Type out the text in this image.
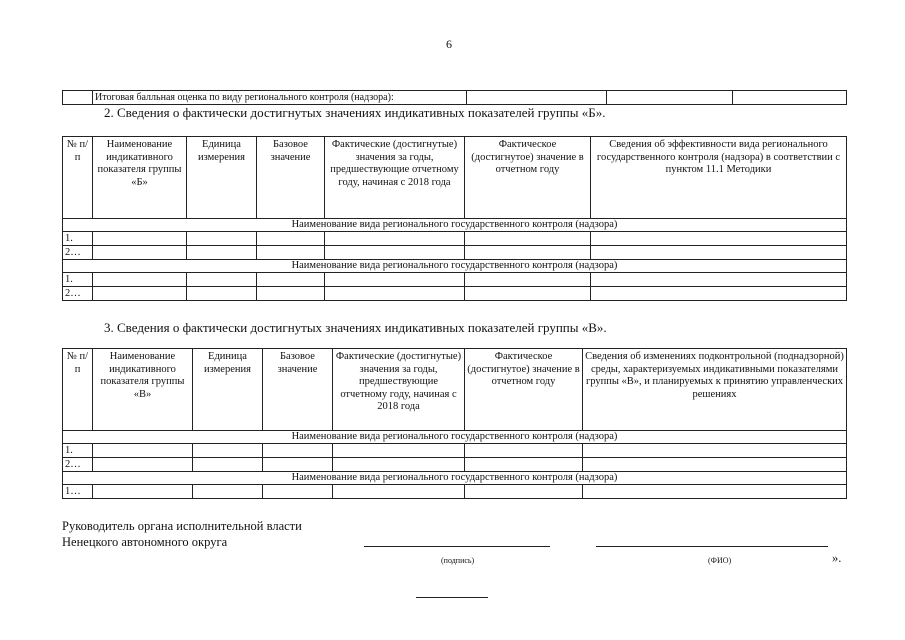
6
	Итоговая балльная оценка по виду регионального контроля (надзора):			
2. Сведения о фактически достигнутых значениях индикативных показателей группы «Б».
№ п/п	Наименование индикативного показателя группы «Б»	Единица измерения	Базовое значение	Фактические (достигнутые) значения за годы, предшествующие отчетному году, начиная с 2018 года	Фактическое (достигнутое) значение в отчетном году	Сведения об эффективности вида регионального государственного контроля (надзора) в соответствии с пунктом 11.1 Методики
Наименование вида регионального государственного контроля (надзора)						
1.						
2…						
Наименование вида регионального государственного контроля (надзора)						
1.						
2…						
3. Сведения о фактически достигнутых значениях индикативных показателей группы «В».
№ п/п	Наименование индикативного показателя группы «В»	Единица измерения	Базовое значение	Фактические (достигнутые) значения за годы, предшествующие отчетному году, начиная с 2018 года	Фактическое (достигнутое) значение в отчетном году	Сведения об изменениях подконтрольной (поднадзорной) среды, характеризуемых индикативными показателями группы «В», и планируемых к принятию управленческих решениях
Наименование вида регионального государственного контроля (надзора)						
1.						
2…						
Наименование вида регионального государственного контроля (надзора)						
1…						
Руководитель органа исполнительной власти
Ненецкого автономного округа
(подпись)	(ФИО)	».
